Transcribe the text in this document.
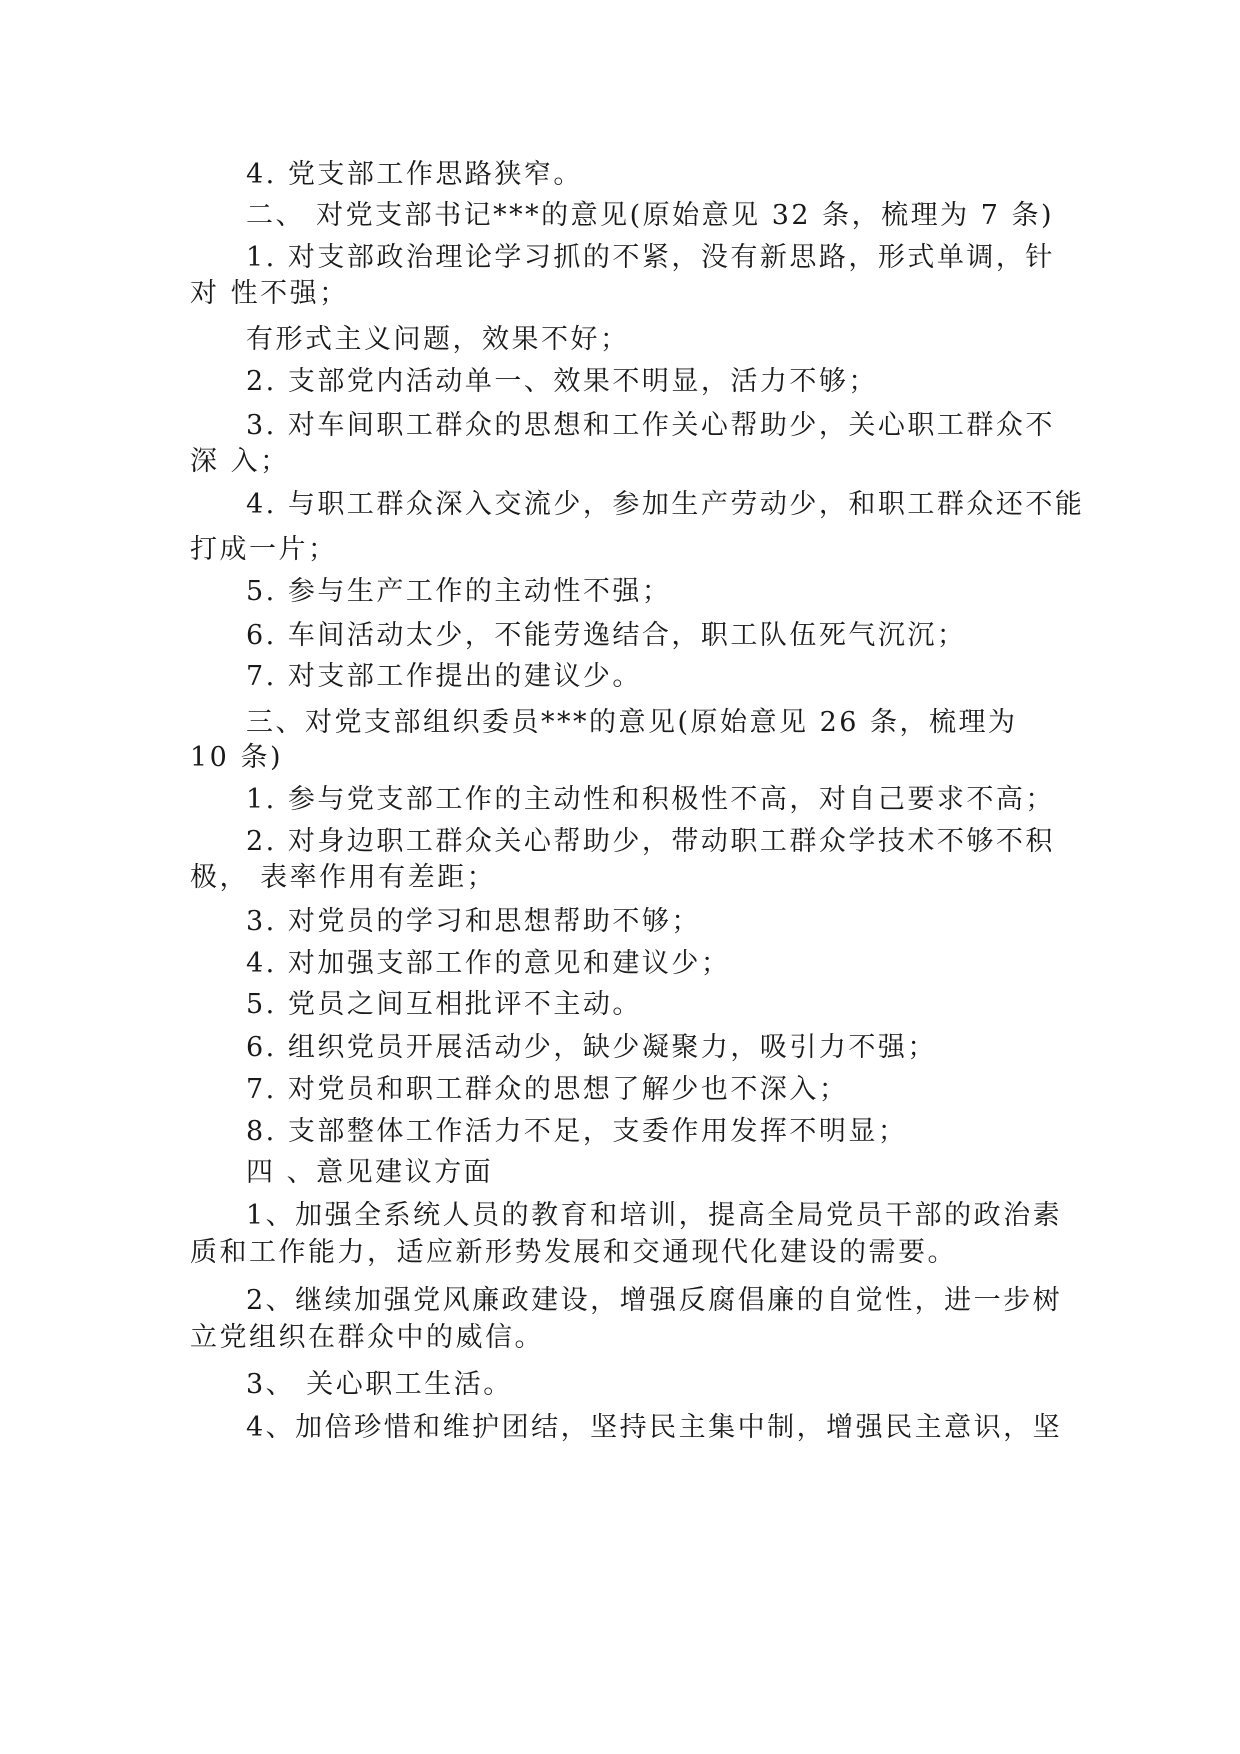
4. 党支部工作思路狭窄。
二、 对党支部书记***的意见(原始意见 32 条，梳理为 7 条)
1. 对支部政治理论学习抓的不紧，没有新思路，形式单调，针
对 性不强；
有形式主义问题，效果不好；
2. 支部党内活动单一、效果不明显，活力不够；
3. 对车间职工群众的思想和工作关心帮助少，关心职工群众不
深 入；
4. 与职工群众深入交流少，参加生产劳动少，和职工群众还不能
打成一片；
5. 参与生产工作的主动性不强；
6. 车间活动太少，不能劳逸结合，职工队伍死气沉沉；
7. 对支部工作提出的建议少。
三、对党支部组织委员***的意见(原始意见 26 条，梳理为
10 条)
1. 参与党支部工作的主动性和积极性不高，对自己要求不高；
2. 对身边职工群众关心帮助少，带动职工群众学技术不够不积
极， 表率作用有差距；
3. 对党员的学习和思想帮助不够；
4. 对加强支部工作的意见和建议少；
5. 党员之间互相批评不主动。
6. 组织党员开展活动少，缺少凝聚力，吸引力不强；
7. 对党员和职工群众的思想了解少也不深入；
8. 支部整体工作活力不足，支委作用发挥不明显；
四 、意见建议方面
1、加强全系统人员的教育和培训，提高全局党员干部的政治素
质和工作能力，适应新形势发展和交通现代化建设的需要。
2、继续加强党风廉政建设，增强反腐倡廉的自觉性，进一步树
立党组织在群众中的威信。
3、 关心职工生活。
4、加倍珍惜和维护团结，坚持民主集中制，增强民主意识，坚
